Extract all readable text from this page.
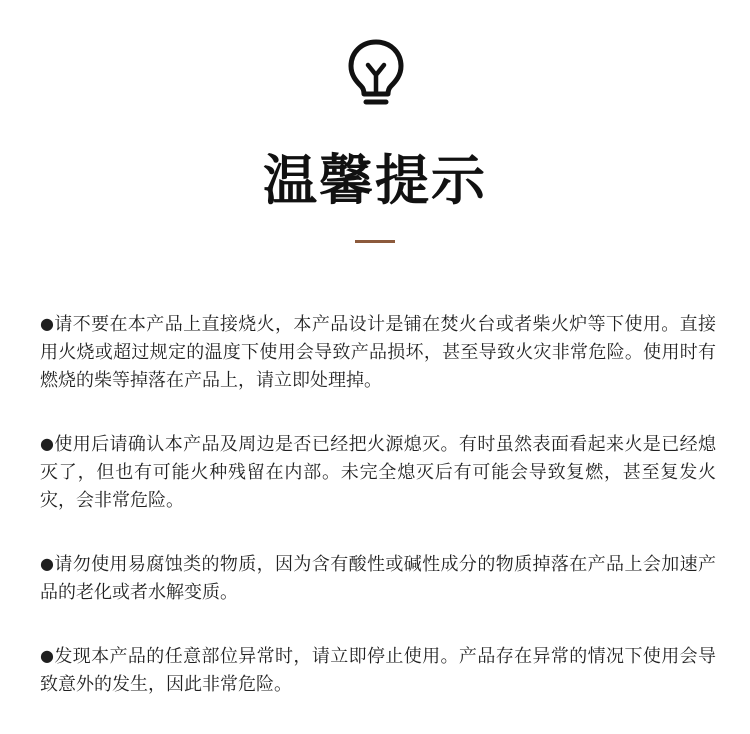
温馨提示
●请不要在本产品上直接烧火，本产品设计是铺在焚火台或者柴火炉等下使用。直接用火烧或超过规定的温度下使用会导致产品损坏，甚至导致火灾非常危险。使用时有燃烧的柴等掉落在产品上，请立即处理掉。
●使用后请确认本产品及周边是否已经把火源熄灭。有时虽然表面看起来火是已经熄灭了，但也有可能火种残留在内部。未完全熄灭后有可能会导致复燃，甚至复发火灾，会非常危险。
●请勿使用易腐蚀类的物质，因为含有酸性或碱性成分的物质掉落在产品上会加速产品的老化或者水解变质。
●发现本产品的任意部位异常时，请立即停止使用。产品存在异常的情况下使用会导致意外的发生，因此非常危险。
